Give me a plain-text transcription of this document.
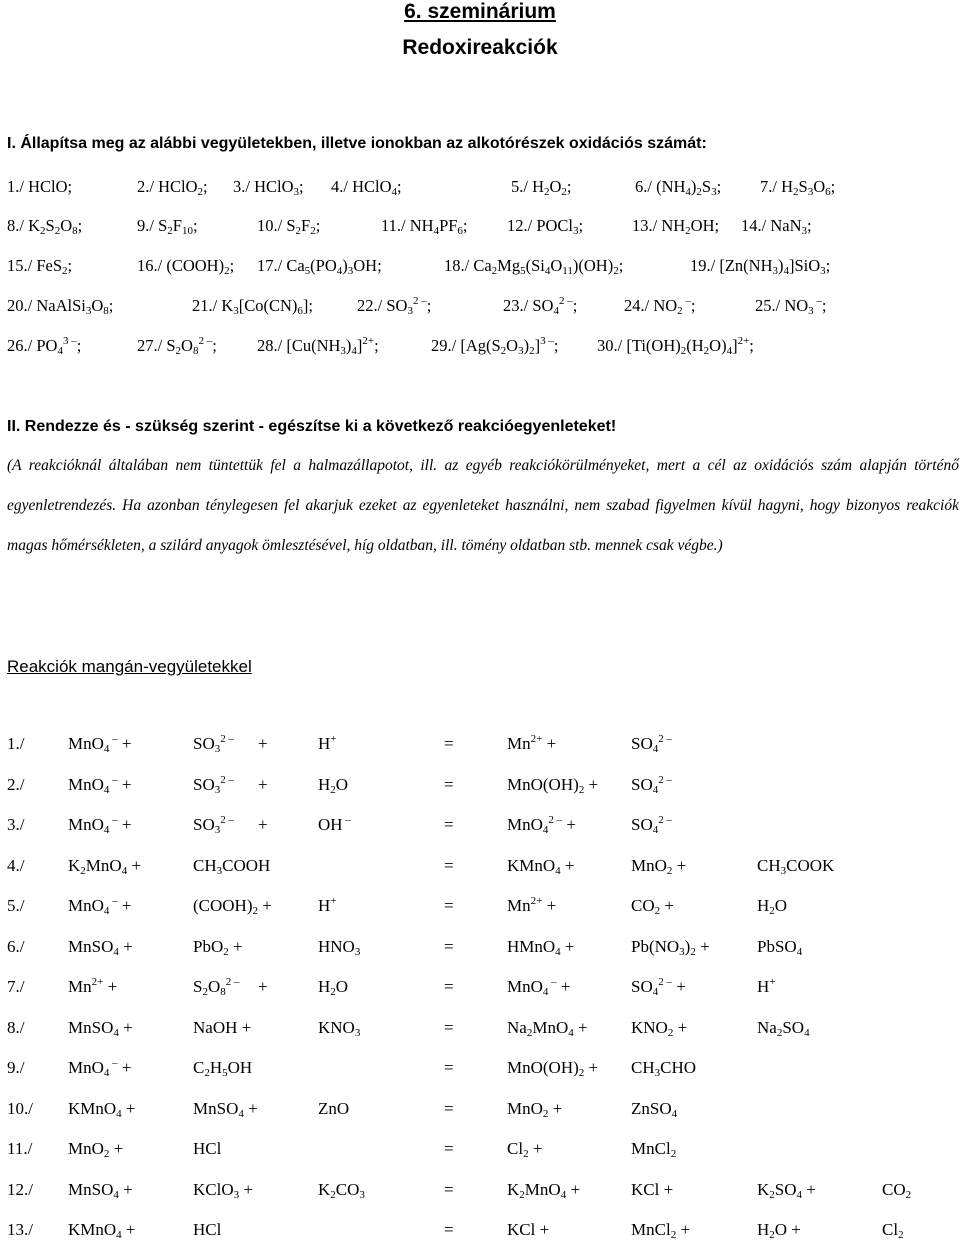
6. szeminárium
Redoxireakciók
I. Állapítsa meg az alábbi vegyületekben, illetve ionokban az alkotórészek oxidációs számát:
1./ HClO;	2./ HClO$_2$; 3./ HClO$_3$; 4./ HClO$_4$;	5./ $H_2O_2$;	6./ $(NH_4)_2S_3$; 7./ $H_2S_3O_6$;
8./ $K_2S_2O_8$;	9./ $S_2F_{10}$;	10./ $S_2F_2$;	11./ $NH_4PF_6$; 12./ POCl$_3$;	13./ $NH_2OH$; 14./ NaN$_3$;
15./ FeS$_2$;	16./ $(COOH)_2$; 17./ $Ca_5(PO_4)_3OH$;	18./ $Ca_2Mg_5(Si_4O_{11})(OH)_2$;	19./ $[Zn(NH_3)_4]SiO_3$;
20./ $NaAlSi_3O_8$;	21./ $K_3[Co(CN)_6]$;	22./ $SO_3^{2 -}$;	23./ $SO_4^{2 -}$;	24./ $NO_2$ –;	25./ $NO_3$ –;
26./ $PO_4^{3 -}$;	27./ $S_2O_8^{2 -}$; 28./ $[Cu(NH_3)_4]^{2+}$;	29./ $[Ag(S_2O_3)_2]^{3 -}$; 30./ $[Ti(OH)_2(H_2O)_4]^{2+}$;
II. Rendezze és - szükség szerint - egészítse ki a következő reakcióegyenleteket!
(A reakcióknál általában nem tüntettük fel a halmazállapotot, ill. az egyéb reakciókörülményeket, mert a cél az oxidációs szám alapján történő egyenletrendezés. Ha azonban ténylegesen fel akarjuk ezeket az egyenleteket használni, nem szabad figyelmen kívül hagyni, hogy bizonyos reakciók magas hőmérsékleten, a szilárd anyagok ömlesztésével, híg oldatban, ill. tömény oldatban stb. mennek csak végbe.)
Reakciók mangán-vegyületekkel
1./	MnO$_4$ – +	$SO_3^{2 -}$ +	H+	=	$Mn^{2+}$ +	$SO_4^{2 -}$
2./	MnO$_4$ – +	$SO_3^{2 -}$ +	$H_2O$	=	$MnO(OH)_2 + SO_4^{2 -}$
3./	MnO$_4$ – +	$SO_3^{2 -}$ +	OH –	=	MnO$_4^{2 -}$ +	$SO_4^{2 -}$
4./	$K_2MnO_4$ +	$CH_3COOH$	=	KMnO$_4$ +	MnO$_2$ +	$CH_3COOK$
5./	MnO$_4$ – +	$(COOH)_2$ +	H+	=	$Mn^{2+}$ +	$CO_2$ +	$H_2O$
6./	MnSO$_4$ +	PbO$_2$ +	$HNO_3$	=	HMnO$_4$ +	$Pb(NO_3)_2$ +	PbSO$_4$
7./	$Mn^{2+}$ +	$S_2O_8^{2 -}$ +	$H_2O$	=	MnO$_4$ – +	$SO_4^{2 -}$ +	H+
8./	MnSO$_4$ +	NaOH +	$KNO_3$	=	$Na_2MnO_4$ +	$KNO_2$ +	$Na_2SO_4$
9./	MnO$_4$ – +	$C_2H_5OH$	=	$MnO(OH)_2 + CH_3CHO$
10./ KMnO$_4$ +	MnSO$_4$ +	ZnO	=	MnO$_2$ +	ZnSO$_4$
11./ MnO$_2$ +	HCl	=	$Cl_2$ +	MnCl$_2$
12./ MnSO$_4$ +	KClO$_3$ +	$K_2CO_3$	=	$K_2MnO_4$ +	KCl +	$K_2SO_4$ +	$CO_2$
13./ KMnO$_4$ +	HCl	=	KCl +	MnCl$_2$ +	$H_2O$ +	$Cl_2$
